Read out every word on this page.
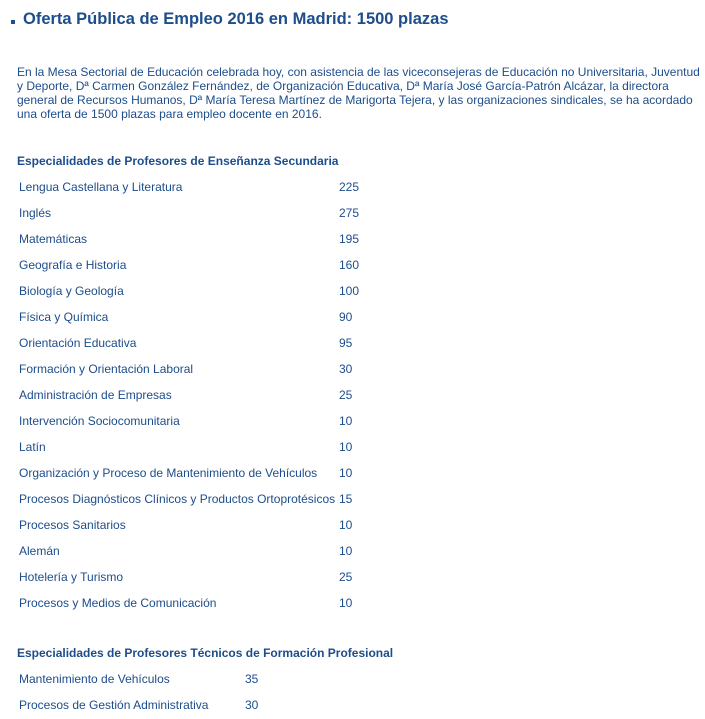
Oferta Pública de Empleo 2016 en Madrid: 1500 plazas

En la Mesa Sectorial de Educación celebrada hoy, con asistencia de las viceconsejeras de Educación no Universitaria, Juventud y Deporte, Dª Carmen González Fernández, de Organización Educativa, Dª María José García-Patrón Alcázar, la directora general de Recursos Humanos, Dª María Teresa Martínez de Marigorta Tejera, y las organizaciones sindicales, se ha acordado una oferta de 1500 plazas para empleo docente en 2016.

Especialidades de Profesores de Enseñanza Secundaria
Lengua Castellana y Literatura	225
Inglés	275
Matemáticas	195
Geografía e Historia	160
Biología y Geología	100
Física y Química	90
Orientación Educativa	95
Formación y Orientación Laboral	30
Administración de Empresas	25
Intervención Sociocomunitaria	10
Latín	10
Organización y Proceso de Mantenimiento de Vehículos	10
Procesos Diagnósticos Clínicos y Productos Ortoprotésicos	15
Procesos Sanitarios	10
Alemán	10
Hotelería y Turismo	25
Procesos y Medios de Comunicación	10
Especialidades de Profesores Técnicos de Formación Profesional
Mantenimiento de Vehículos	35
Procesos de Gestión Administrativa	30
